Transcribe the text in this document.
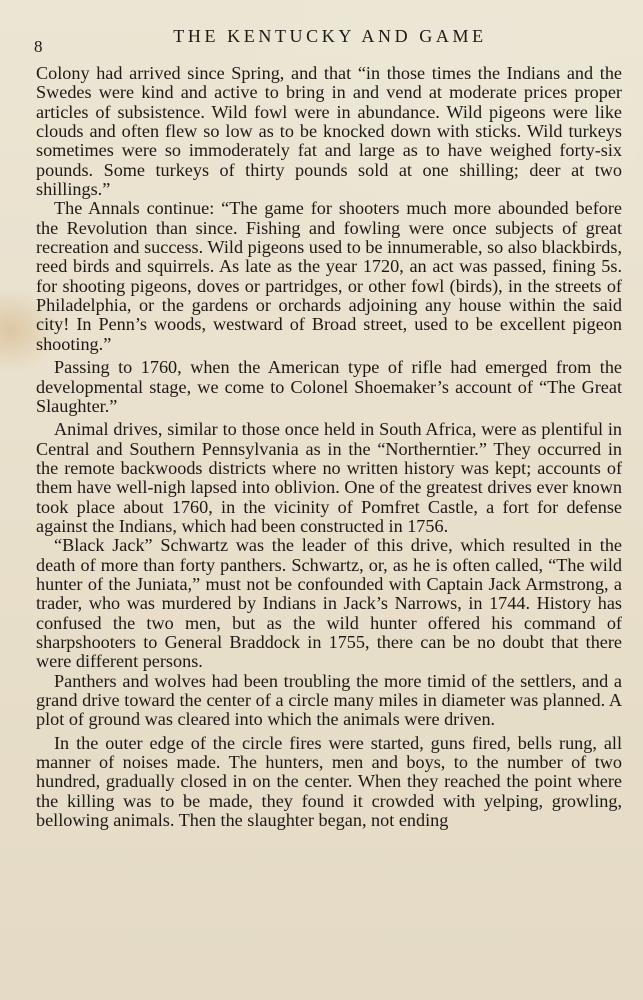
8
THE KENTUCKY AND GAME

Colony had arrived since Spring, and that “in those times the Indians and the Swedes were kind and active to bring in and vend at moderate prices proper articles of subsistence. Wild fowl were in abundance. Wild pigeons were like clouds and often flew so low as to be knocked down with sticks. Wild turkeys sometimes were so immoderately fat and large as to have weighed forty-six pounds. Some turkeys of thirty pounds sold at one shilling; deer at two shillings.”

The Annals continue: “The game for shooters much more abounded before the Revolution than since. Fishing and fowling were once subjects of great recreation and success. Wild pigeons used to be innumerable, so also blackbirds, reed birds and squirrels. As late as the year 1720, an act was passed, fining 5s. for shooting pigeons, doves or partridges, or other fowl (birds), in the streets of Philadelphia, or the gardens or orchards adjoining any house within the said city! In Penn’s woods, westward of Broad street, used to be excellent pigeon shooting.”

Passing to 1760, when the American type of rifle had emerged from the developmental stage, we come to Colonel Shoemaker’s account of “The Great Slaughter.”

Animal drives, similar to those once held in South Africa, were as plentiful in Central and Southern Pennsylvania as in the “Northerntier.” They occurred in the remote backwoods districts where no written history was kept; accounts of them have well-nigh lapsed into oblivion. One of the greatest drives ever known took place about 1760, in the vicinity of Pomfret Castle, a fort for defense against the Indians, which had been constructed in 1756.

“Black Jack” Schwartz was the leader of this drive, which resulted in the death of more than forty panthers. Schwartz, or, as he is often called, “The wild hunter of the Juniata,” must not be confounded with Captain Jack Armstrong, a trader, who was murdered by Indians in Jack’s Narrows, in 1744. History has confused the two men, but as the wild hunter offered his command of sharpshooters to General Braddock in 1755, there can be no doubt that there were different persons.

Panthers and wolves had been troubling the more timid of the settlers, and a grand drive toward the center of a circle many miles in diameter was planned. A plot of ground was cleared into which the animals were driven.

In the outer edge of the circle fires were started, guns fired, bells rung, all manner of noises made. The hunters, men and boys, to the number of two hundred, gradually closed in on the center. When they reached the point where the killing was to be made, they found it crowded with yelping, growling, bellowing animals. Then the slaughter began, not ending
